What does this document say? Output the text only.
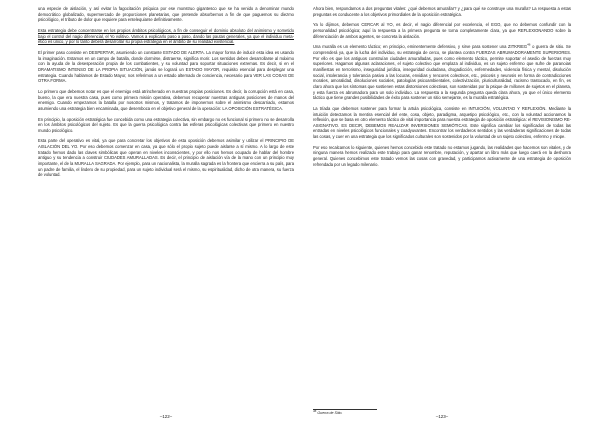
una especie de aislación, y así evitar la fagocitación psíquica por ese monstruo gigantesco que se ha venido a denominar mundo democrático globalizado, supermercado de proporciones planetarias, que pretende absorbernos a fin de que paguemos su diezmo psicológico, el tributo de dolor que requiere para entelequiarse definitivamente.

Esta estrategia debe concentrarse en los propios ámbitos psicológicos, a fin de conseguir el dominio absoluto del animismo y sometido bajo el control del nagio diferencial, el Yo volitivo. Vamos a explicarlo paso a paso, dando las pautas generales, ya que el individuo meta-ético es único, y por lo tanto deberá desarrollar su propia estrategia en el ámbito de su realidad existencial.

El primer paso consiste en DESPERTAR, asumiendo un constante ESTADO DE ALERTA. La mayor forma de inducir esta idea es usando la imaginación. Estamos en un campo de batalla, donde dormirse, distraerse, significa morir. Los sentidos deben desarrollarse al máximo con la ayuda de la desesperación propia de los combatientes, y su voluntad para soportar situaciones extremas. Es decir, si en el DRAMATISMO INTENSO DE LA PROPIA SITUACIÓN, jamás se logrará un ESTADO MAYOR, requisito esencial para desplegar una estrategia. Cuando hablamos de Estado Mayor, nos referimos a un estado alternado de conciencia, necesario para VER LAS COSAS DE OTRA FORMA.

Lo primero que debemos notar es que el enemigo está atrincherado en nuestras propias posiciones. Es decir, la corrupción está en casa, bueno, la que era nuestra casa, pues como primera misión operativa, debemos recuperar nuestras antiguas posiciones de manos del enemigo. Cuando empezamos la batalla por nosotros mismos, y tratamos de imponernos sobre el animismo descarriado, estamos asumiendo una estrategia bien encaminada, que desemboca en el objetivo general de la operación: LA OPOSICIÓN ESTRATÉGICA.

En principio, la oposición estratégica fue concebida como una estrategia colectiva, sin embargo no es funcional si primero no se desarrolla en los ámbitos psicológicos del sujeto. Es que la guerra psicológica contra las esferas psicológicas colectivas que primero en nuestro mundo psicológico.

Esta parte del operativo es vital, ya que para concretar los objetivos de esta oposición debemos asimilar y utilizar el PRINCIPIO DE AISLACIÓN DEL YO. Por eso debemos comenzar en casa, ya que sólo el propio sujeto puede aislarse a sí mismo. A lo largo de este tratado hemos dado las claves simbólicas que operan en niveles inconscientes, y por ello nos hemos ocupado de hablar del hombre antiguo y su tendencia a construir CIUDADES AMURALLADAS. Es decir, el principio de aislación vía de la mano con un principio muy importante, el de la MURALLA SAGRADA. Por ejemplo, para un nacionalista, la muralla sagrada es la frontera que encierra a su país, para un padre de familia, el lindero de su propiedad, para un sujeto individual será el mismo, su espiritualidad, dicho de otra manera, su fuerza de voluntad.

–122–

Ahora bien, respondamos a dos preguntas vitales: ¿qué debemos amurallar? y ¿para qué se construye una muralla? La respuesta a estas preguntas es conducente a los objetivos primordiales de la oposición estratégica.

Ya lo dijimos, debemos CERCAR al YO, es decir, el nagio diferencial por excelencia, el EGO, que no debemos confundir con la personalidad psicológica; aquí la respuesta a la primera pregunta se torna completamente clara, ya que REFLEXIONANDO sobre la diferenciación de ambos agentes, se concreta la aislación.

Una muralla es un elemento táctico; en principio, eminentemente defensivo, y sirve para sostener una ZITKRIEG$^{46}$ o guerra de sitio. Se comprenderá ya, que la lucha del individuo, su estrategia de cerco, se plantea contra FUERZAS ABRUMADORAMENTE SUPERIORES. Por ello es que los antiguos construían ciudades amuralladas, pues como elemento táctico, permite soportar el asedio de fuerzas muy superiores. Hagamos algunas aclaraciones, el sujeto colectivo que emplaza al individuo, es un sujeto enfermo que sufre de paranoias manifiestas en terrorismo, inseguridad jurídica, inseguridad ciudadana, drogadicción, enfermedades, violencia física y mental, disolución social, intolerancia y tolerancia pasiva a las locuras, envidias y rencores colectivos, etc., psicosis y neurosis en forma de contradicciones morales, amoralidad, disoluciones sociales, patologías psicoambientales, colectivización, pluriculturalidad, racismo trastocado, en fin, es claro ahora que los síntomas que sostienen estas distorsiones colectivas, son sostenidas por la psique de millones de sujetos en el planeta, y esta fuerza es abrumadora para un solo individuo. La respuesta a la segunda pregunta queda clara ahora, ya que el único elemento táctico que tiene grandes posibilidades de éxito para sostener un sitio semejante, es la muralla estratégica.

La tríada que debemos sostener para formar la artula psicológica, consiste en INTUICIÓN, VOLUNTAD Y REFLEXIÓN. Mediante la intuición detectamos la mentira esencial del ente, cosa, objeto, paradigma, arquetipo psicológico, etc., con la voluntad accionamos la reflexión, que se basa en otro elemento táctico de vital importancia para nuestra estrategia de oposición estratégica: el REVISIONISMO RE-ASIGNATIVO. ES DECIR, DEBEMOS REALIZAR INVERSIONES SEMIÓTICAS. Este significa cambiar los significados de todas las entradas en niveles psicológicos funcionales y coadyuvantes. Encontrar los verdaderos sentidos y las verdaderas significaciones de todas las cosas, y cuer en una estrategia que los significados culturales son sostenidos por la voluntad de un sujeto colectivo, enfermo y miope.

Por eso recalcamos lo siguiente, quienes hemos concebido este tratado no estamos jugando, las realidades que hacemos son vitales, y de ninguna manera hemos realizado este trabajo para ganar renombre, reputación, y apartar un libro más que luego caerá en la deshonra general. Quienes concebimos este tratado vemos las cosas con gravedad, y participamos activamente de una estrategia de oposición refrendada por un legado milenario.

$^{46}$ Guerra de Sitio.
–123–
